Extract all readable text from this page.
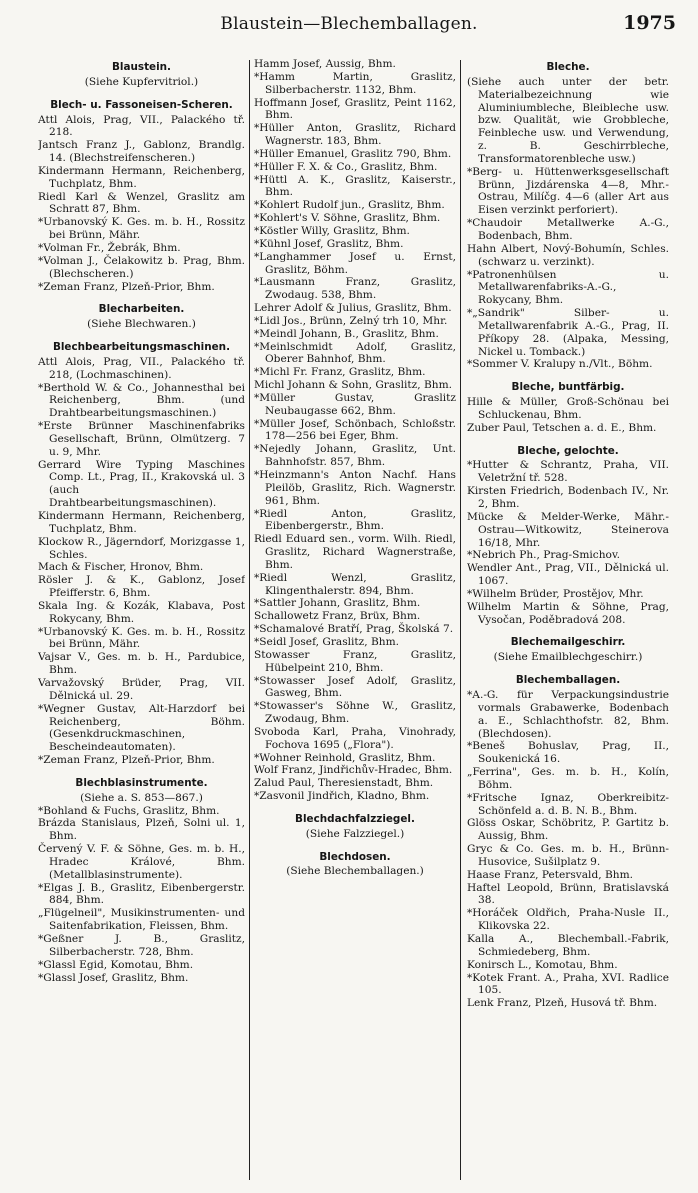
Blaustein—Blechemballagen.	1975
Blaustein.
(Siehe Kupfervitriol.)
Blech- u. Fassoneisen-Scheren.
Attl Alois, Prag, VII., Palackého tř. 218.
Jantsch Franz J., Gablonz, Brandlg. 14. (Blechstreifenscheren.)
Kindermann Hermann, Reichenberg, Tuchplatz, Bhm.
Riedl Karl & Wenzel, Graslitz am Schratt 87, Bhm.
*Urbanovský K. Ges. m. b. H., Rossitz bei Brünn, Mähr.
*Volman Fr., Žebrák, Bhm.
*Volman J., Čelakowitz b. Prag, Bhm. (Blechscheren.)
*Zeman Franz, Plzeň-Prior, Bhm.
Blecharbeiten.
(Siehe Blechwaren.)
Blechbearbeitungsmaschinen.
Attl Alois, Prag, VII., Palackého tř. 218, (Lochmaschinen).
*Berthold W. & Co., Johannesthal bei Reichenberg, Bhm. (und Drahtbearbeitungsmaschinen.)
*Erste Brünner Maschinenfabriks Gesellschaft, Brünn, Olmützerg. 7 u. 9, Mhr.
Gerrard Wire Typing Maschines Comp. Lt., Prag, II., Krakovská ul. 3 (auch Drahtbearbeitungsmaschinen).
Kindermann Hermann, Reichenberg, Tuchplatz, Bhm.
Klockow R., Jägerndorf, Morizgasse 1, Schles.
Mach & Fischer, Hronov, Bhm.
Rösler J. & K., Gablonz, Josef Pfeifferstr. 6, Bhm.
Skala Ing. & Kozák, Klabava, Post Rokycany, Bhm.
*Urbanovský K. Ges. m. b. H., Rossitz bei Brünn, Mähr.
Vajsar V., Ges. m. b. H., Pardubice, Bhm.
Varvažovský Brüder, Prag, VII. Dělnická ul. 29.
*Wegner Gustav, Alt-Harzdorf bei Reichenberg, Böhm. (Gesenkdruckmaschinen, Bescheindeautomaten).
*Zeman Franz, Plzeň-Prior, Bhm.
Blechblasinstrumente.
(Siehe a. S. 853—867.)
*Bohland & Fuchs, Graslitz, Bhm.
Brázda Stanislaus, Plzeň, Solni ul. 1, Bhm.
Červený V. F. & Söhne, Ges. m. b. H., Hradec Králové, Bhm. (Metallblasinstrumente).
*Elgas J. B., Graslitz, Eibenbergerstr. 884, Bhm.
„Flügelneil", Musikinstrumenten- und Saitenfabrikation, Fleissen, Bhm.
*Geßner J. B., Graslitz, Silberbacherstr. 728, Bhm.
*Glassl Egid, Komotau, Bhm.
*Glassl Josef, Graslitz, Bhm.
Hamm Josef, Aussig, Bhm.
*Hamm Martin, Graslitz, Silberbacherstr. 1132, Bhm.
Hoffmann Josef, Graslitz, Peint 1162, Bhm.
*Hüller Anton, Graslitz, Richard Wagnerstr. 183, Bhm.
*Hüller Emanuel, Graslitz 790, Bhm.
*Hüller F. X. & Co., Graslitz, Bhm.
*Hüttl A. K., Graslitz, Kaiserstr., Bhm.
*Kohlert Rudolf jun., Graslitz, Bhm.
*Kohlert's V. Söhne, Graslitz, Bhm.
*Köstler Willy, Graslitz, Bhm.
*Kühnl Josef, Graslitz, Bhm.
*Langhammer Josef u. Ernst, Graslitz, Böhm.
*Lausmann Franz, Graslitz, Zwodaug. 538, Bhm.
Lehrer Adolf & Julius, Graslitz, Bhm.
*Lidl Jos., Brünn, Zelný trh 10, Mhr.
*Meindl Johann, B., Graslitz, Bhm.
*Meinlschmidt Adolf, Graslitz, Oberer Bahnhof, Bhm.
*Michl Fr. Franz, Graslitz, Bhm.
Michl Johann & Sohn, Graslitz, Bhm.
*Müller Gustav, Graslitz Neubaugasse 662, Bhm.
*Müller Josef, Schönbach, Schloßstr. 178—256 bei Eger, Bhm.
*Nejedly Johann, Graslitz, Unt. Bahnhofstr. 857, Bhm.
*Heinzmann's Anton Nachf. Hans Pleilöb, Graslitz, Rich. Wagnerstr. 961, Bhm.
*Riedl Anton, Graslitz, Eibenbergerstr., Bhm.
Riedl Eduard sen., vorm. Wilh. Riedl, Graslitz, Richard Wagnerstraße, Bhm.
*Riedl Wenzl, Graslitz, Klingenthalerstr. 894, Bhm.
*Sattler Johann, Graslitz, Bhm.
Schallowetz Franz, Brüx, Bhm.
*Schamalové Bratří, Prag, Školská 7.
*Seidl Josef, Graslitz, Bhm.
Stowasser Franz, Graslitz, Hübelpeint 210, Bhm.
*Stowasser Josef Adolf, Graslitz, Gasweg, Bhm.
*Stowasser's Söhne W., Graslitz, Zwodaug, Bhm.
Svoboda Karl, Praha, Vinohrady, Fochova 1695 („Flora").
*Wohner Reinhold, Graslitz, Bhm.
Wolf Franz, Jindřichův-Hradec, Bhm.
Zalud Paul, Theresienstadt, Bhm.
*Zasvonil Jindřich, Kladno, Bhm.
Blechdachfalzziegel.
(Siehe Falzziegel.)
Blechdosen.
(Siehe Blechemballagen.)
Bleche.
(Siehe auch unter der betr. Materialbezeichnung wie Aluminiumbleche, Bleibleche usw. bzw. Qualität, wie Grobbleche, Feinbleche usw. und Verwendung, z. B. Geschirrbleche, Transformatorenbleche usw.)
*Berg- u. Hüttenwerksgesellschaft Brünn, Jizdárenska 4—8, Mhr.-Ostrau, Milíčg. 4—6 (aller Art aus Eisen verzinkt perforiert).
*Chaudoir Metallwerke A.-G., Bodenbach, Bhm.
Hahn Albert, Nový-Bohumín, Schles. (schwarz u. verzinkt).
*Patronenhülsen u. Metallwarenfabriks-A.-G., Rokycany, Bhm.
*„Sandrik" Silber- u. Metallwarenfabrik A.-G., Prag, II. Příkopy 28. (Alpaka, Messing, Nickel u. Tomback.)
*Sommer V. Kralupy n./Vlt., Böhm.
Bleche, buntfärbig.
Hille & Müller, Groß-Schönau bei Schluckenau, Bhm.
Zuber Paul, Tetschen a. d. E., Bhm.
Bleche, gelochte.
*Hutter & Schrantz, Praha, VII. Veletržní tř. 528.
Kirsten Friedrich, Bodenbach IV., Nr. 2, Bhm.
Mücke & Melder-Werke, Mähr.-Ostrau—Witkowitz, Steinerova 16/18, Mhr.
*Nebrich Ph., Prag-Smichov.
Wendler Ant., Prag, VII., Dělnická ul. 1067.
*Wilhelm Brüder, Prostějov, Mhr.
Wilhelm Martin & Söhne, Prag, Vysočan, Poděbradová 208.
Blechemailgeschirr.
(Siehe Emailblechgeschirr.)
Blechemballagen.
*A.-G. für Verpackungsindustrie vormals Grabawerke, Bodenbach a. E., Schlachthofstr. 82, Bhm. (Blechdosen).
*Beneš Bohuslav, Prag, II., Soukenická 16.
„Ferrina", Ges. m. b. H., Kolín, Böhm.
*Fritsche Ignaz, Oberkreibitz-Schönfeld a. d. B. N. B., Bhm.
Glöss Oskar, Schöbritz, P. Gartitz b. Aussig, Bhm.
Gryc & Co. Ges. m. b. H., Brünn-Husovice, Sušilplatz 9.
Haase Franz, Petersvald, Bhm.
Haftel Leopold, Brünn, Bratislavská 38.
*Horáček Oldřich, Praha-Nusle II., Klikovska 22.
Kalla A., Blechemball.-Fabrik, Schmiedeberg, Bhm.
Konirsch L., Komotau, Bhm.
*Kotek Frant. A., Praha, XVI. Radlice 105.
Lenk Franz, Plzeň, Husová tř. Bhm.
